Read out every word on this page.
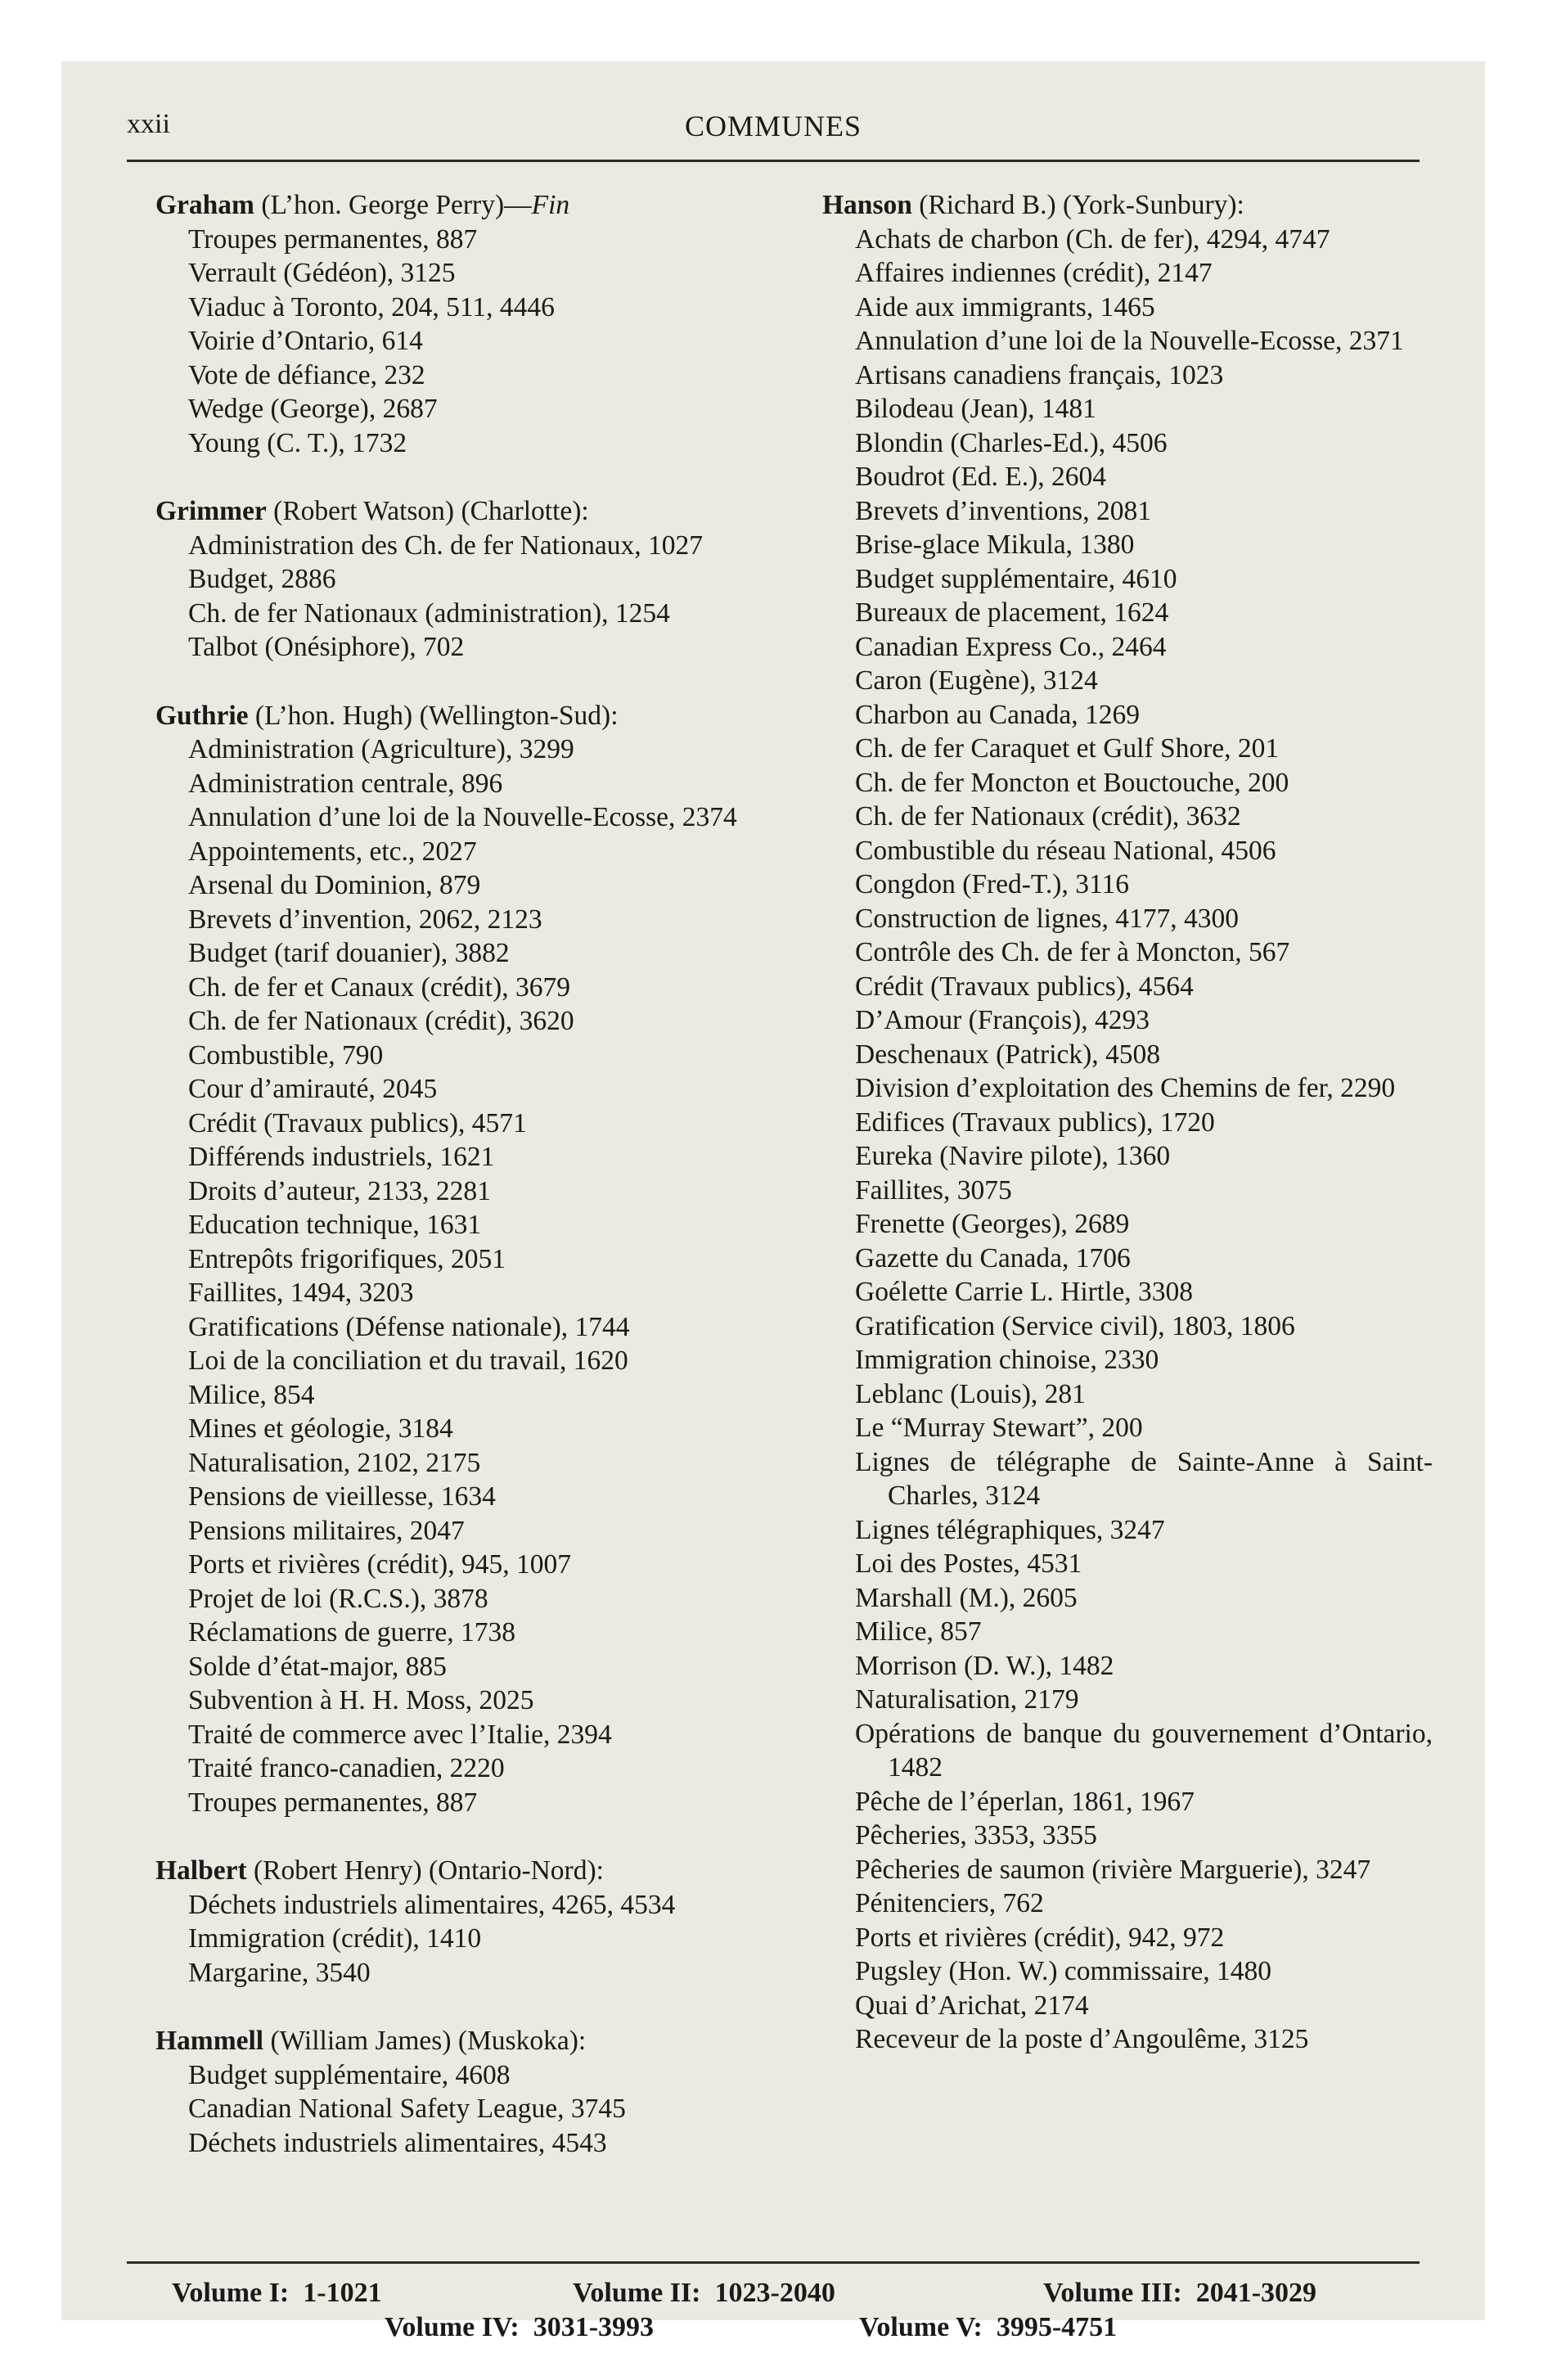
xxii	COMMUNES
Graham (L’hon. George Perry)—Fin
Troupes permanentes, 887
Verrault (Gédéon), 3125
Viaduc à Toronto, 204, 511, 4446
Voirie d’Ontario, 614
Vote de défiance, 232
Wedge (George), 2687
Young (C. T.), 1732
Grimmer (Robert Watson) (Charlotte):
Administration des Ch. de fer Nationaux, 1027
Budget, 2886
Ch. de fer Nationaux (administration), 1254
Talbot (Onésiphore), 702
Guthrie (L’hon. Hugh) (Wellington-Sud):
Administration (Agriculture), 3299
Administration centrale, 896
Annulation d’une loi de la Nouvelle-Ecosse, 2374
Appointements, etc., 2027
Arsenal du Dominion, 879
Brevets d’invention, 2062, 2123
Budget (tarif douanier), 3882
Ch. de fer et Canaux (crédit), 3679
Ch. de fer Nationaux (crédit), 3620
Combustible, 790
Cour d’amirauté, 2045
Crédit (Travaux publics), 4571
Différends industriels, 1621
Droits d’auteur, 2133, 2281
Education technique, 1631
Entrepôts frigorifiques, 2051
Faillites, 1494, 3203
Gratifications (Défense nationale), 1744
Loi de la conciliation et du travail, 1620
Milice, 854
Mines et géologie, 3184
Naturalisation, 2102, 2175
Pensions de vieillesse, 1634
Pensions militaires, 2047
Ports et rivières (crédit), 945, 1007
Projet de loi (R.C.S.), 3878
Réclamations de guerre, 1738
Solde d’état-major, 885
Subvention à H. H. Moss, 2025
Traité de commerce avec l’Italie, 2394
Traité franco-canadien, 2220
Troupes permanentes, 887
Halbert (Robert Henry) (Ontario-Nord):
Déchets industriels alimentaires, 4265, 4534
Immigration (crédit), 1410
Margarine, 3540
Hammell (William James) (Muskoka):
Budget supplémentaire, 4608
Canadian National Safety League, 3745
Déchets industriels alimentaires, 4543
Hanson (Richard B.) (York-Sunbury):
Achats de charbon (Ch. de fer), 4294, 4747
Affaires indiennes (crédit), 2147
Aide aux immigrants, 1465
Annulation d’une loi de la Nouvelle-Ecosse, 2371
Artisans canadiens français, 1023
Bilodeau (Jean), 1481
Blondin (Charles-Ed.), 4506
Boudrot (Ed. E.), 2604
Brevets d’inventions, 2081
Brise-glace Mikula, 1380
Budget supplémentaire, 4610
Bureaux de placement, 1624
Canadian Express Co., 2464
Caron (Eugène), 3124
Charbon au Canada, 1269
Ch. de fer Caraquet et Gulf Shore, 201
Ch. de fer Moncton et Bouctouche, 200
Ch. de fer Nationaux (crédit), 3632
Combustible du réseau National, 4506
Congdon (Fred-T.), 3116
Construction de lignes, 4177, 4300
Contrôle des Ch. de fer à Moncton, 567
Crédit (Travaux publics), 4564
D’Amour (François), 4293
Deschenaux (Patrick), 4508
Division d’exploitation des Chemins de fer, 2290
Edifices (Travaux publics), 1720
Eureka (Navire pilote), 1360
Faillites, 3075
Frenette (Georges), 2689
Gazette du Canada, 1706
Goélette Carrie L. Hirtle, 3308
Gratification (Service civil), 1803, 1806
Immigration chinoise, 2330
Leblanc (Louis), 281
Le “Murray Stewart”, 200
Lignes de télégraphe de Sainte-Anne à Saint-Charles, 3124
Lignes télégraphiques, 3247
Loi des Postes, 4531
Marshall (M.), 2605
Milice, 857
Morrison (D. W.), 1482
Naturalisation, 2179
Opérations de banque du gouvernement d’Ontario, 1482
Pêche de l’éperlan, 1861, 1967
Pêcheries, 3353, 3355
Pêcheries de saumon (rivière Marguerie), 3247
Pénitenciers, 762
Ports et rivières (crédit), 942, 972
Pugsley (Hon. W.) commissaire, 1480
Quai d’Arichat, 2174
Receveur de la poste d’Angoulême, 3125
Volume I: 1-1021	Volume II: 1023-2040	Volume III: 2041-3029
Volume IV: 3031-3993	Volume V: 3995-4751
